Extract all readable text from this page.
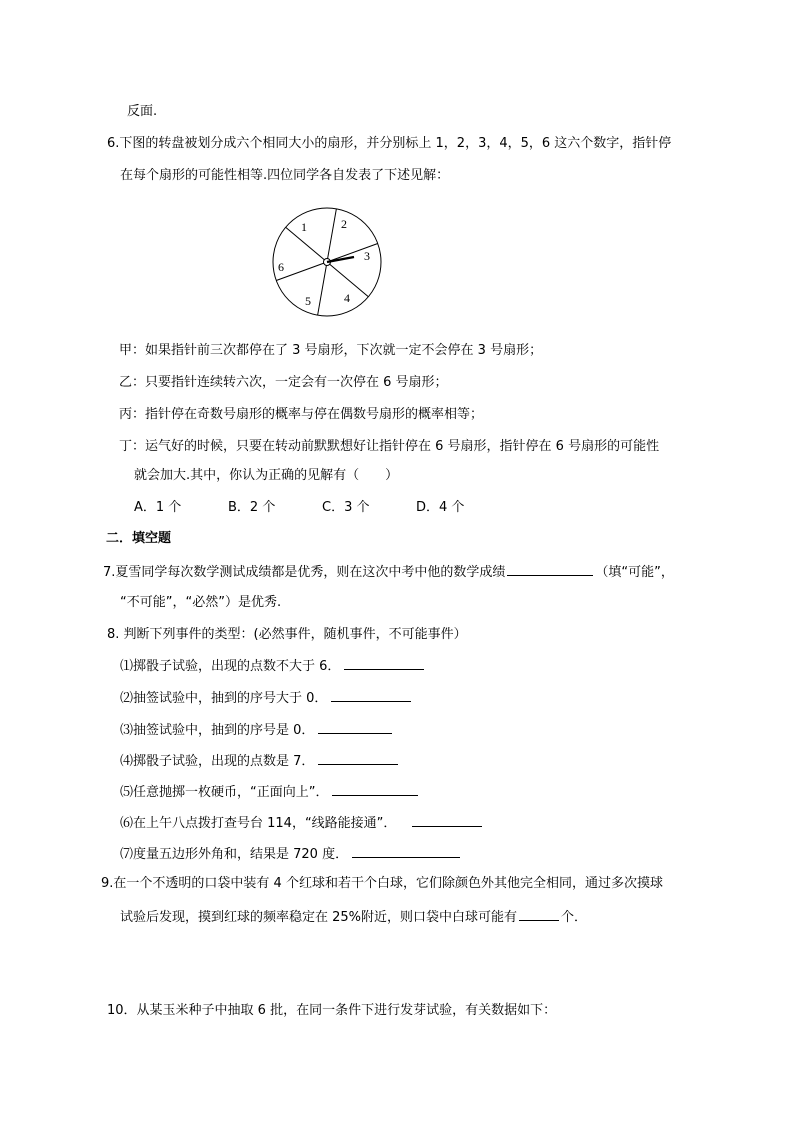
反面.
6.下图的转盘被划分成六个相同大小的扇形，并分别标上 1，2，3，4，5，6 这六个数字，指针停
在每个扇形的可能性相等.四位同学各自发表了下述见解：
1	2
3
4
5
6
甲：如果指针前三次都停在了 3 号扇形，下次就一定不会停在 3 号扇形；
乙：只要指针连续转六次，一定会有一次停在 6 号扇形；
丙：指针停在奇数号扇形的概率与停在偶数号扇形的概率相等；
丁：运气好的时候，只要在转动前默默想好让指针停在 6 号扇形，指针停在 6 号扇形的可能性
就会加大.其中，你认为正确的见解有（　　）
A．1 个	B．2 个	C．3 个	D．4 个
二．填空题
7.夏雪同学每次数学测试成绩都是优秀，则在这次中考中他的数学成绩	（填“可能”，
“不可能”，“必然”）是优秀.
8. 判断下列事件的类型：(必然事件，随机事件，不可能事件）
⑴掷骰子试验，出现的点数不大于 6．
⑵抽签试验中，抽到的序号大于 0．
⑶抽签试验中，抽到的序号是 0．
⑷掷骰子试验，出现的点数是 7．
⑸任意抛掷一枚硬币，“正面向上”．
⑹在上午八点拨打查号台 114，“线路能接通”．
⑺度量五边形外角和，结果是 720 度．
9.在一个不透明的口袋中装有 4 个红球和若干个白球，它们除颜色外其他完全相同，通过多次摸球
试验后发现，摸到红球的频率稳定在 25%附近，则口袋中白球可能有	个．
10．从某玉米种子中抽取 6 批，在同一条件下进行发芽试验，有关数据如下：
